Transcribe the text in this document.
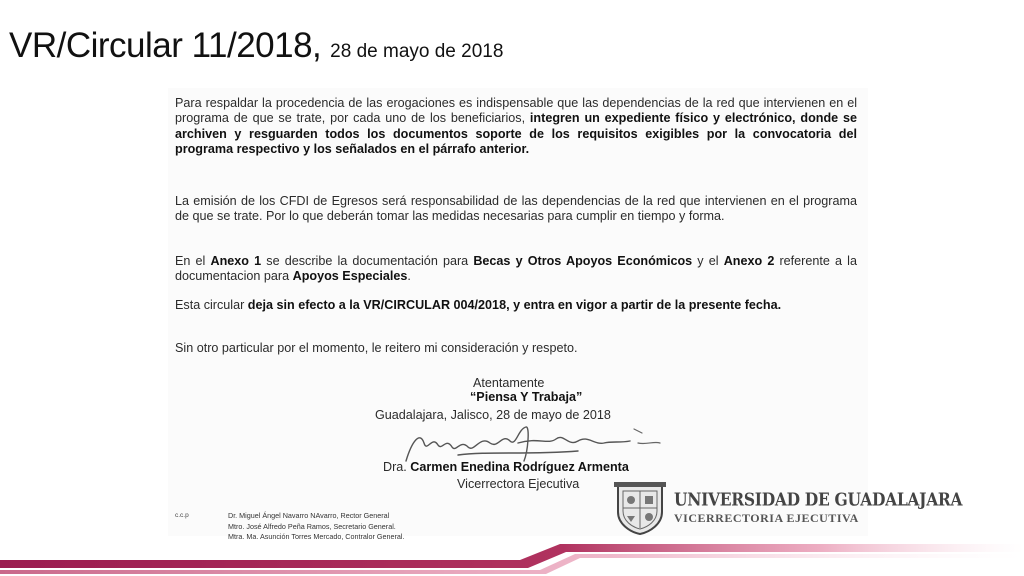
VR/Circular 11/2018, 28 de mayo de 2018

Para respaldar la procedencia de las erogaciones es indispensable que las dependencias de la red que intervienen en el programa de que se trate, por cada uno de los beneficiarios, integren un expediente físico y electrónico, donde se archiven y resguarden todos los documentos soporte de los requisitos exigibles por la convocatoria del programa respectivo y los señalados en el párrafo anterior.

La emisión de los CFDI de Egresos será responsabilidad de las dependencias de la red que intervienen en el programa de que se trate. Por lo que deberán tomar las medidas necesarias para cumplir en tiempo y forma.

En el Anexo 1 se describe la documentación para Becas y Otros Apoyos Económicos y el Anexo 2 referente a la documentacion para Apoyos Especiales.

Esta circular deja sin efecto a la VR/CIRCULAR 004/2018, y entra en vigor a partir de la presente fecha.

Sin otro particular por el momento, le reitero mi consideración y respeto.

Atentamente
“Piensa Y Trabaja”
Guadalajara, Jalisco, 28 de mayo de 2018
Dra. Carmen Enedina Rodríguez Armenta
Vicerrectora Ejecutiva
c.c.p	Dr. Miguel Ángel Navarro NAvarro, Rector General
Mtro. José Alfredo Peña Ramos, Secretario General.
Mtra. Ma. Asunción Torres Mercado, Contralor General.
UNIVERSIDAD DE GUADALAJARA
VICERRECTORIA EJECUTIVA
